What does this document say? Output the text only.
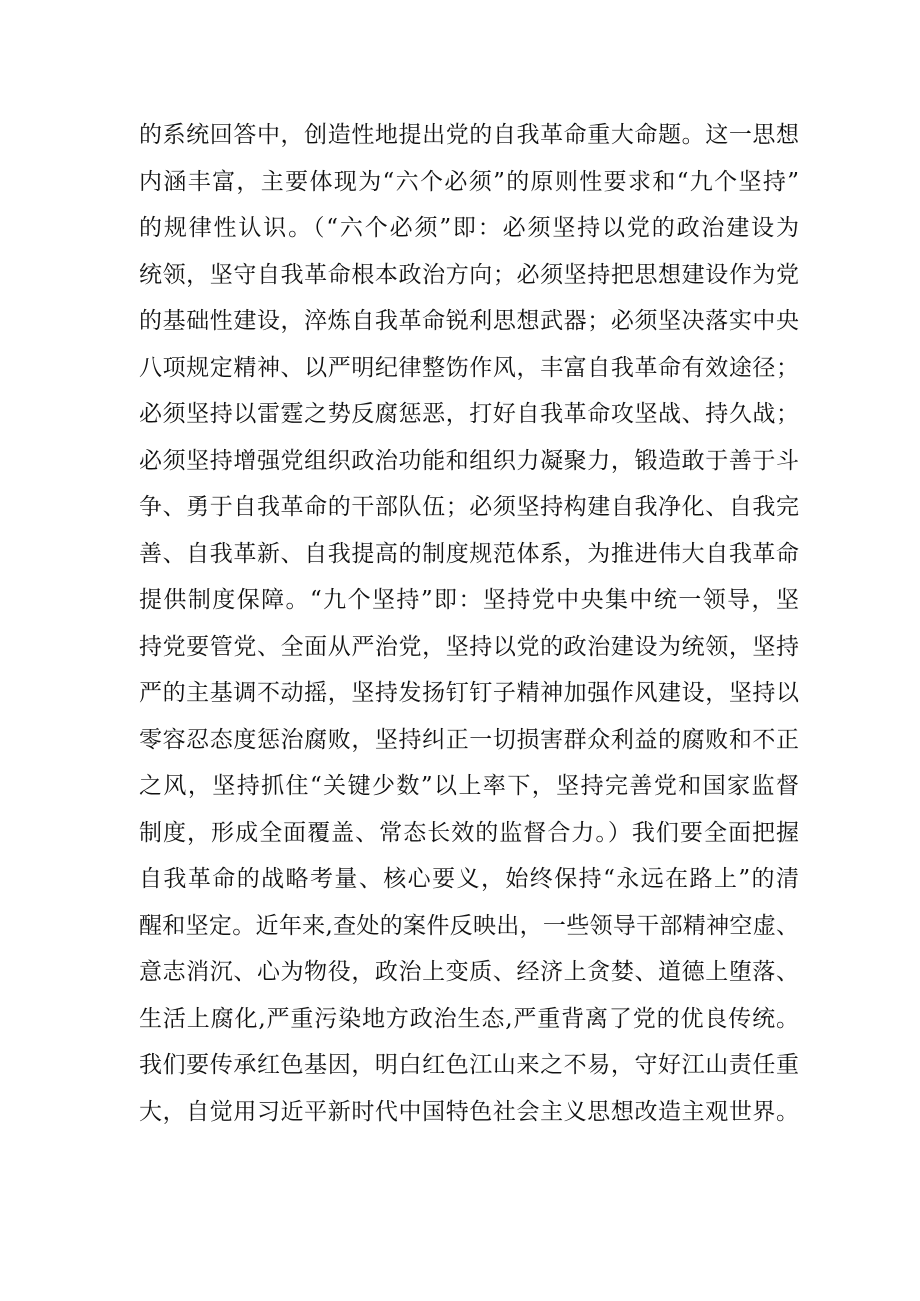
的系统回答中，创造性地提出党的自我革命重大命题。这一思想
内涵丰富，主要体现为“六个必须”的原则性要求和“九个坚持”
的规律性认识。（“六个必须”即：必须坚持以党的政治建设为
统领，坚守自我革命根本政治方向；必须坚持把思想建设作为党
的基础性建设，淬炼自我革命锐利思想武器；必须坚决落实中央
八项规定精神、以严明纪律整饬作风，丰富自我革命有效途径；
必须坚持以雷霆之势反腐惩恶，打好自我革命攻坚战、持久战；
必须坚持增强党组织政治功能和组织力凝聚力，锻造敢于善于斗
争、勇于自我革命的干部队伍；必须坚持构建自我净化、自我完
善、自我革新、自我提高的制度规范体系，为推进伟大自我革命
提供制度保障。“九个坚持”即：坚持党中央集中统一领导，坚
持党要管党、全面从严治党，坚持以党的政治建设为统领，坚持
严的主基调不动摇，坚持发扬钉钉子精神加强作风建设，坚持以
零容忍态度惩治腐败，坚持纠正一切损害群众利益的腐败和不正
之风，坚持抓住“关键少数”以上率下，坚持完善党和国家监督
制度，形成全面覆盖、常态长效的监督合力。）我们要全面把握
自我革命的战略考量、核心要义，始终保持“永远在路上”的清
醒和坚定。近年来,查处的案件反映出，一些领导干部精神空虚、
意志消沉、心为物役，政治上变质、经济上贪婪、道德上堕落、
生活上腐化,严重污染地方政治生态,严重背离了党的优良传统。
我们要传承红色基因，明白红色江山来之不易，守好江山责任重
大，自觉用习近平新时代中国特色社会主义思想改造主观世界。
